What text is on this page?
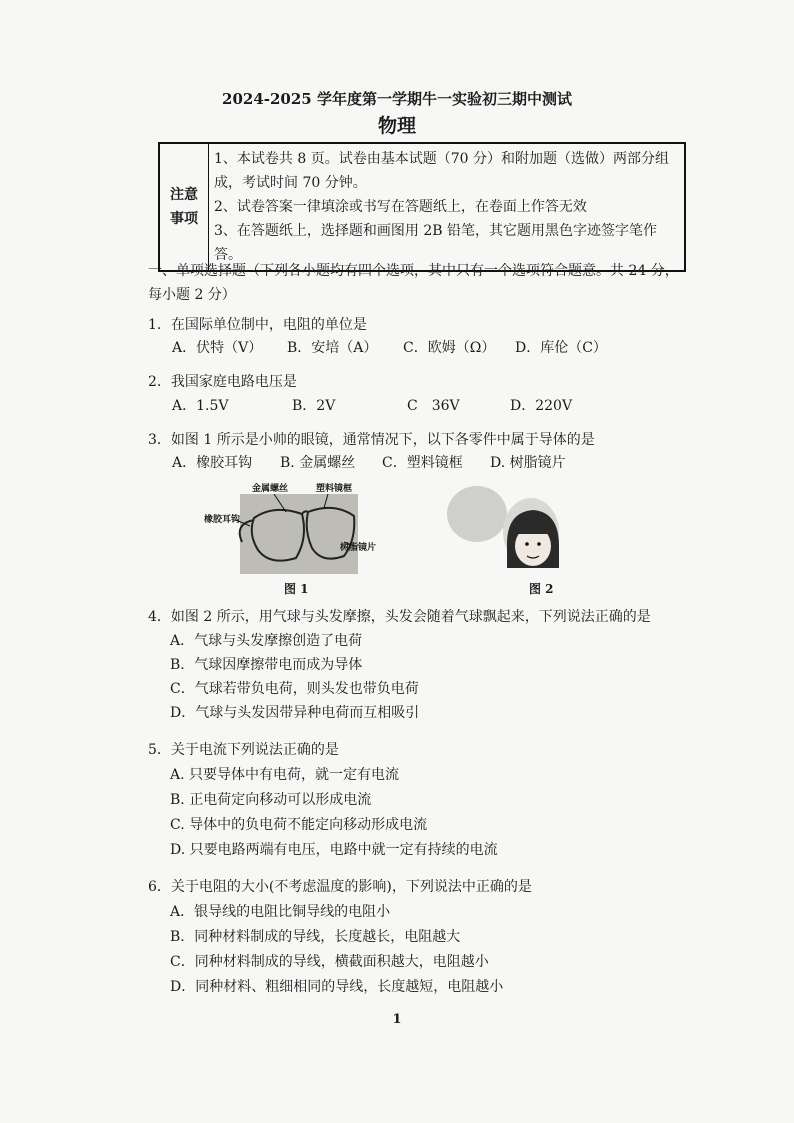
2024-2025 学年度第一学期牛一实验初三期中测试
物理
注意
事项

1、本试卷共 8 页。试卷由基本试题（70 分）和附加题（选做）两部分组
成，考试时间 70 分钟。
2、试卷答案一律填涂或书写在答题纸上，在卷面上作答无效
3、在答题纸上，选择题和画图用 2B 铅笔，其它题用黑色字迹签字笔作答。
一、单项选择题（下列各小题均有四个选项，其中只有一个选项符合题意。共 24 分，
每小题 2 分）
1．在国际单位制中，电阻的单位是
A．伏特（V） B．安培（A） C．欧姆（Ω） D．库伦（C）
2．我国家庭电路电压是
A．1.5V	B．2V	C　36V	D．220V
3．如图 1 所示是小帅的眼镜，通常情况下，以下各零件中属于导体的是
A．橡胶耳钩 B. 金属螺丝 C．塑料镜框 D. 树脂镜片
金属螺丝	塑料镜框
橡胶耳钩
树脂镜片
图 1	图 2
4．如图 2 所示，用气球与头发摩擦，头发会随着气球飘起来，下列说法正确的是
A．气球与头发摩擦创造了电荷
B．气球因摩擦带电而成为导体
C．气球若带负电荷，则头发也带负电荷
D．气球与头发因带异种电荷而互相吸引
5．关于电流下列说法正确的是
A. 只要导体中有电荷，就一定有电流
B. 正电荷定向移动可以形成电流
C. 导体中的负电荷不能定向移动形成电流
D. 只要电路两端有电压，电路中就一定有持续的电流
6．关于电阻的大小(不考虑温度的影响)，下列说法中正确的是
A．银导线的电阻比铜导线的电阻小
B．同种材料制成的导线，长度越长，电阻越大
C．同种材料制成的导线，横截面积越大，电阻越小
D．同种材料、粗细相同的导线，长度越短，电阻越小
1
